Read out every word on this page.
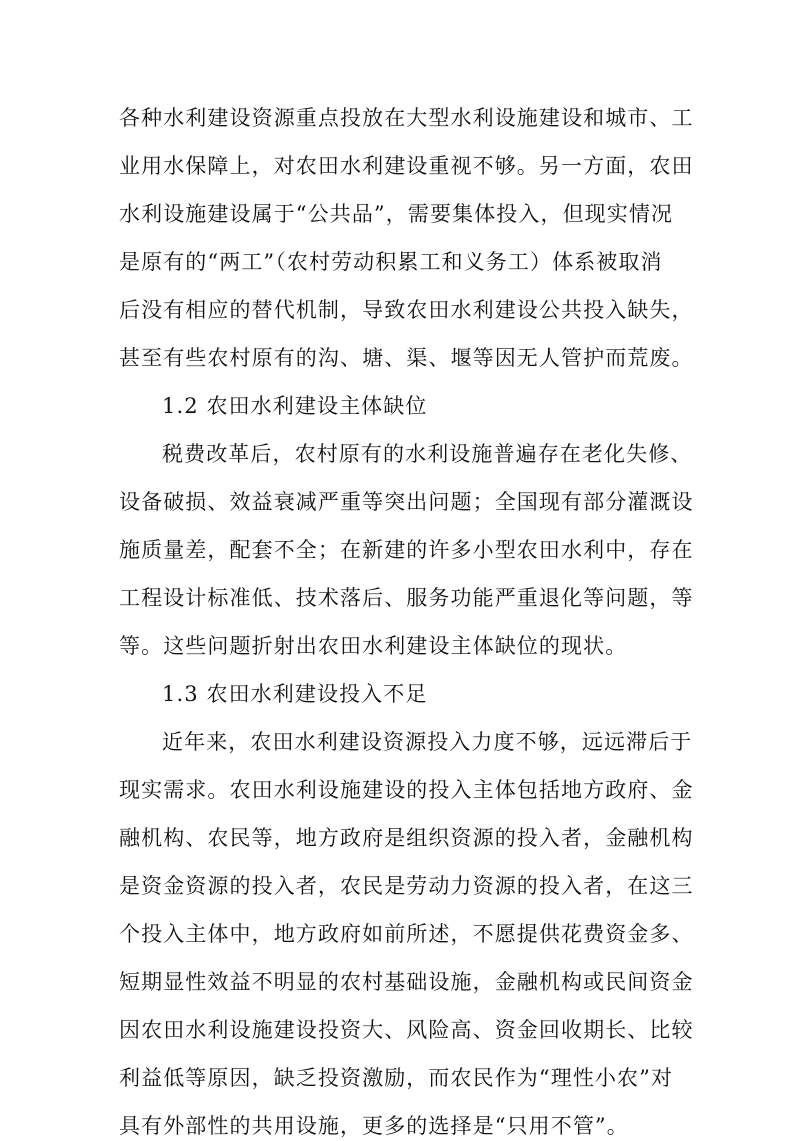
各种水利建设资源重点投放在大型水利设施建设和城市、工
业用水保障上，对农田水利建设重视不够。另一方面，农田
水利设施建设属于“公共品”，需要集体投入，但现实情况
是原有的“两工”（农村劳动积累工和义务工）体系被取消
后没有相应的替代机制，导致农田水利建设公共投入缺失，
甚至有些农村原有的沟、塘、渠、堰等因无人管护而荒废。
1.2 农田水利建设主体缺位
税费改革后，农村原有的水利设施普遍存在老化失修、
设备破损、效益衰减严重等突出问题；全国现有部分灌溉设
施质量差，配套不全；在新建的许多小型农田水利中，存在
工程设计标准低、技术落后、服务功能严重退化等问题，等
等。这些问题折射出农田水利建设主体缺位的现状。
1.3 农田水利建设投入不足
近年来，农田水利建设资源投入力度不够，远远滞后于
现实需求。农田水利设施建设的投入主体包括地方政府、金
融机构、农民等，地方政府是组织资源的投入者，金融机构
是资金资源的投入者，农民是劳动力资源的投入者，在这三
个投入主体中，地方政府如前所述，不愿提供花费资金多、
短期显性效益不明显的农村基础设施，金融机构或民间资金
因农田水利设施建设投资大、风险高、资金回收期长、比较
利益低等原因，缺乏投资激励，而农民作为“理性小农”对
具有外部性的共用设施，更多的选择是“只用不管”。
